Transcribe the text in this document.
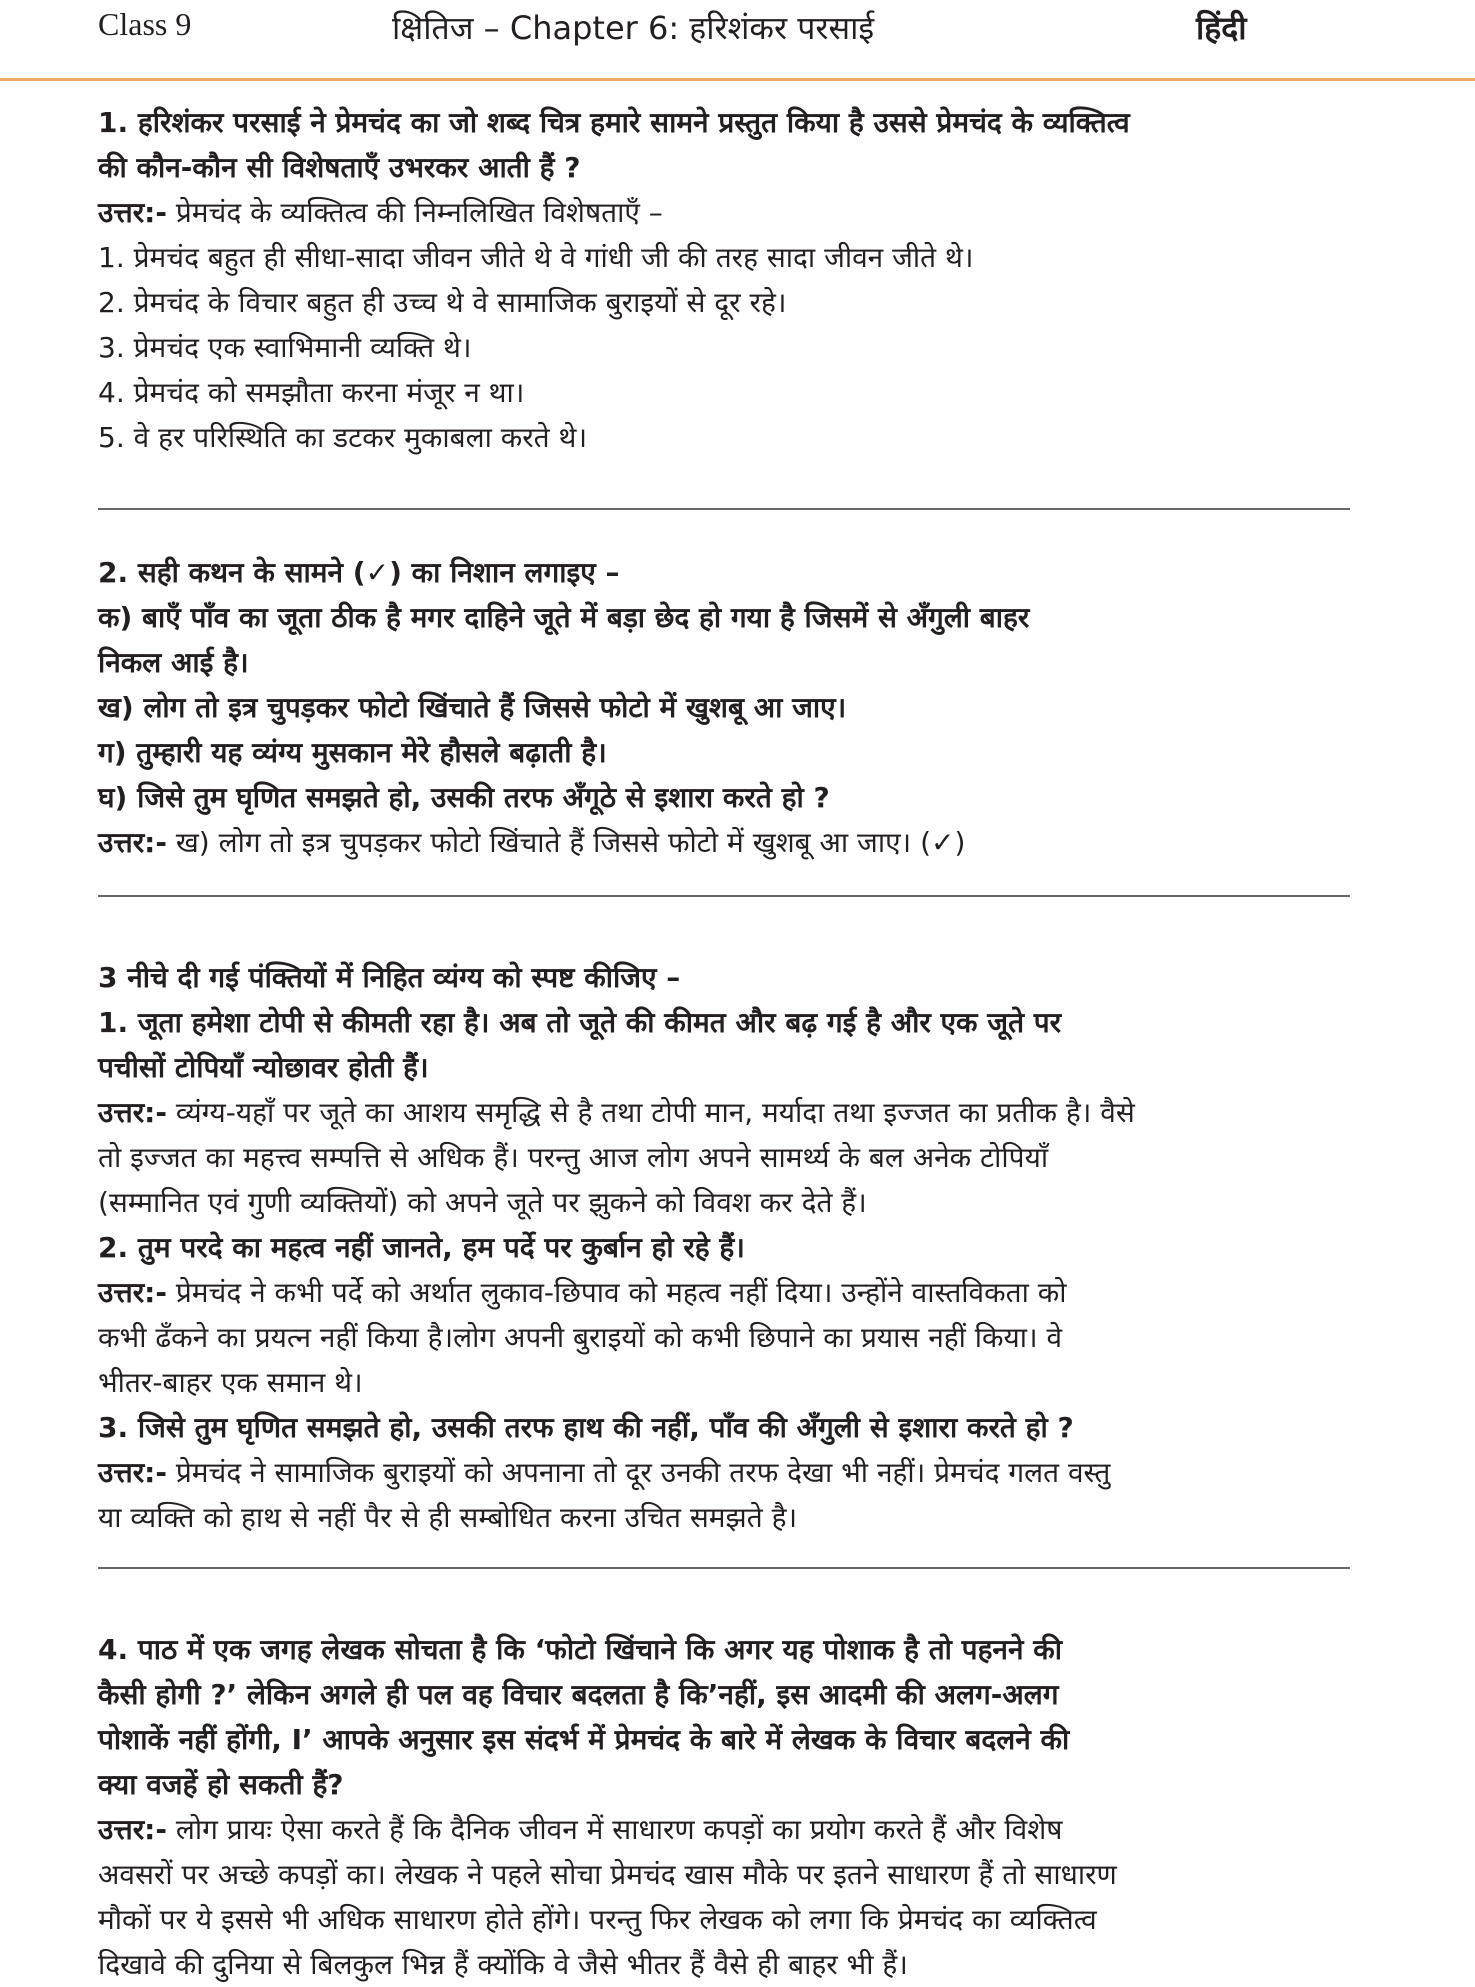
Class 9	क्षितिज – Chapter 6: हरिशंकर परसाई	हिंदी
1. हरिशंकर परसाई ने प्रेमचंद का जो शब्द चित्र हमारे सामने प्रस्तुत किया है उससे प्रेमचंद के व्यक्तित्व
की कौन-कौन सी विशेषताएँ उभरकर आती हैं ?
उत्तर:- प्रेमचंद के व्यक्तित्व की निम्नलिखित विशेषताएँ –
1. प्रेमचंद बहुत ही सीधा-सादा जीवन जीते थे वे गांधी जी की तरह सादा जीवन जीते थे।
2. प्रेमचंद के विचार बहुत ही उच्च थे वे सामाजिक बुराइयों से दूर रहे।
3. प्रेमचंद एक स्वाभिमानी व्यक्ति थे।
4. प्रेमचंद को समझौता करना मंजूर न था।
5. वे हर परिस्थिति का डटकर मुकाबला करते थे।
2. सही कथन के सामने (✓) का निशान लगाइए –
क) बाएँ पाँव का जूता ठीक है मगर दाहिने जूते में बड़ा छेद हो गया है जिसमें से अँगुली बाहर
निकल आई है।
ख) लोग तो इत्र चुपड़कर फोटो खिंचाते हैं जिससे फोटो में खुशबू आ जाए।
ग) तुम्हारी यह व्यंग्य मुसकान मेरे हौसले बढ़ाती है।
घ) जिसे तुम घृणित समझते हो, उसकी तरफ अँगूठे से इशारा करते हो ?
उत्तर:- ख) लोग तो इत्र चुपड़कर फोटो खिंचाते हैं जिससे फोटो में खुशबू आ जाए। (✓)
3 नीचे दी गई पंक्तियों में निहित व्यंग्य को स्पष्ट कीजिए –
1. जूता हमेशा टोपी से कीमती रहा है। अब तो जूते की कीमत और बढ़ गई है और एक जूते पर
पचीसों टोपियाँ न्योछावर होती हैं।
उत्तर:- व्यंग्य-यहाँ पर जूते का आशय समृद्धि से है तथा टोपी मान, मर्यादा तथा इज्जत का प्रतीक है। वैसे
तो इज्जत का महत्त्व सम्पत्ति से अधिक हैं। परन्तु आज लोग अपने सामर्थ्य के बल अनेक टोपियाँ
(सम्मानित एवं गुणी व्यक्तियों) को अपने जूते पर झुकने को विवश कर देते हैं।
2. तुम परदे का महत्व नहीं जानते, हम पर्दे पर कुर्बान हो रहे हैं।
उत्तर:- प्रेमचंद ने कभी पर्दे को अर्थात लुकाव-छिपाव को महत्व नहीं दिया। उन्होंने वास्तविकता को
कभी ढँकने का प्रयत्न नहीं किया है।लोग अपनी बुराइयों को कभी छिपाने का प्रयास नहीं किया। वे
भीतर-बाहर एक समान थे।
3. जिसे तुम घृणित समझते हो, उसकी तरफ हाथ की नहीं, पाँव की अँगुली से इशारा करते हो ?
उत्तर:- प्रेमचंद ने सामाजिक बुराइयों को अपनाना तो दूर उनकी तरफ देखा भी नहीं। प्रेमचंद गलत वस्तु
या व्यक्ति को हाथ से नहीं पैर से ही सम्बोधित करना उचित समझते है।
4. पाठ में एक जगह लेखक सोचता है कि ‘फोटो खिंचाने कि अगर यह पोशाक है तो पहनने की
कैसी होगी ?’ लेकिन अगले ही पल वह विचार बदलता है कि’नहीं, इस आदमी की अलग-अलग
पोशाकें नहीं होंगी, I’ आपके अनुसार इस संदर्भ में प्रेमचंद के बारे में लेखक के विचार बदलने की
क्या वजहें हो सकती हैं?
उत्तर:- लोग प्रायः ऐसा करते हैं कि दैनिक जीवन में साधारण कपड़ों का प्रयोग करते हैं और विशेष
अवसरों पर अच्छे कपड़ों का। लेखक ने पहले सोचा प्रेमचंद खास मौके पर इतने साधारण हैं तो साधारण
मौकों पर ये इससे भी अधिक साधारण होते होंगे। परन्तु फिर लेखक को लगा कि प्रेमचंद का व्यक्तित्व
दिखावे की दुनिया से बिलकुल भिन्न हैं क्योंकि वे जैसे भीतर हैं वैसे ही बाहर भी हैं।
